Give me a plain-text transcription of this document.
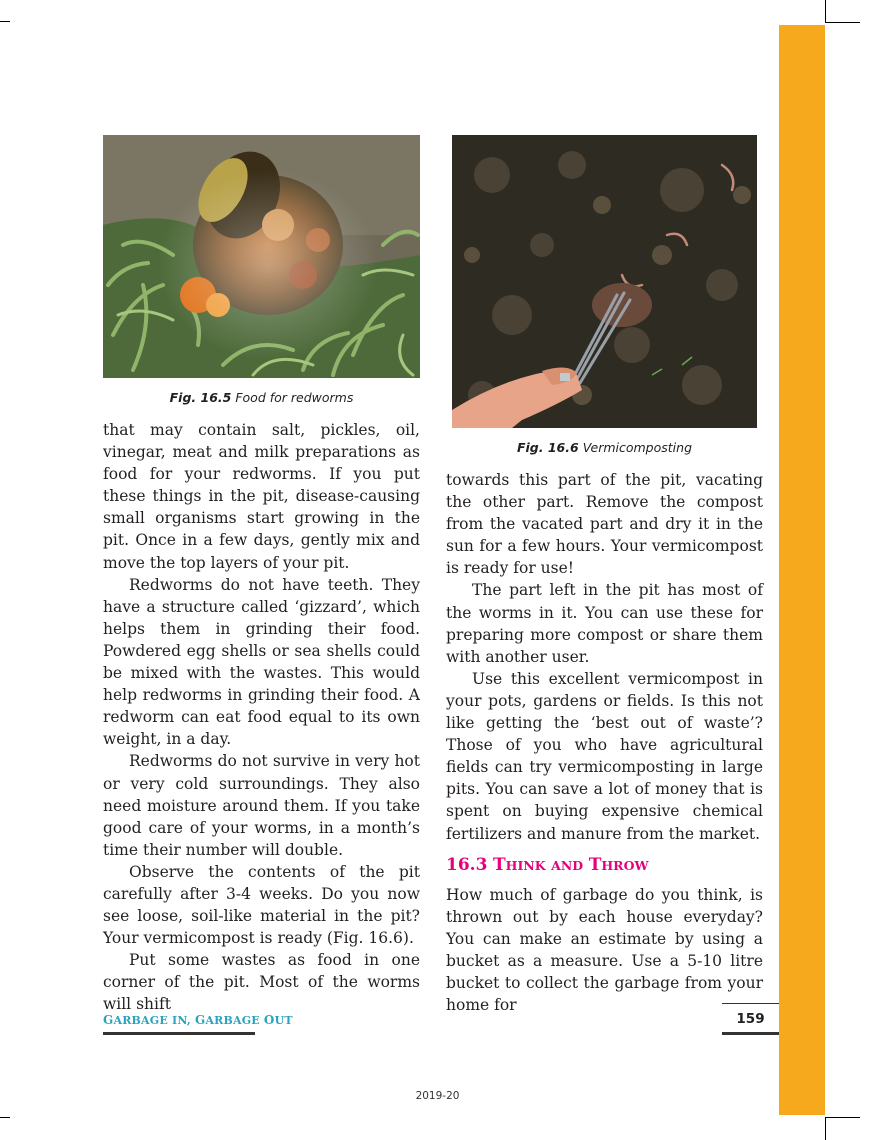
Fig. 16.5 Food for redworms
Fig. 16.6 Vermicomposting

that may contain salt, pickles, oil, vinegar, meat and milk preparations as food for your redworms. If you put these things in the pit, disease-causing small organisms start growing in the pit. Once in a few days, gently mix and move the top layers of your pit.

Redworms do not have teeth. They have a structure called ‘gizzard’, which helps them in grinding their food. Powdered egg shells or sea shells could be mixed with the wastes. This would help redworms in grinding their food. A redworm can eat food equal to its own weight, in a day.

Redworms do not survive in very hot or very cold surroundings. They also need moisture around them. If you take good care of your worms, in a month’s time their number will double.

Observe the contents of the pit carefully after 3-4 weeks. Do you now see loose, soil-like material in the pit? Your vermicompost is ready (Fig. 16.6).

Put some wastes as food in one corner of the pit. Most of the worms will shift

towards this part of the pit, vacating the other part. Remove the compost from the vacated part and dry it in the sun for a few hours. Your vermicompost is ready for use!

The part left in the pit has most of the worms in it. You can use these for preparing more compost or share them with another user.

Use this excellent vermicompost in your pots, gardens or fields. Is this not like getting the ‘best out of waste’? Those of you who have agricultural fields can try vermicomposting in large pits. You can save a lot of money that is spent on buying expensive chemical fertilizers and manure from the market.

16.3 THINK AND THROW

How much of garbage do you think, is thrown out by each house everyday? You can make an estimate by using a bucket as a measure. Use a 5-10 litre bucket to collect the garbage from your home for

GARBAGE IN, GARBAGE OUT	159
2019-20
